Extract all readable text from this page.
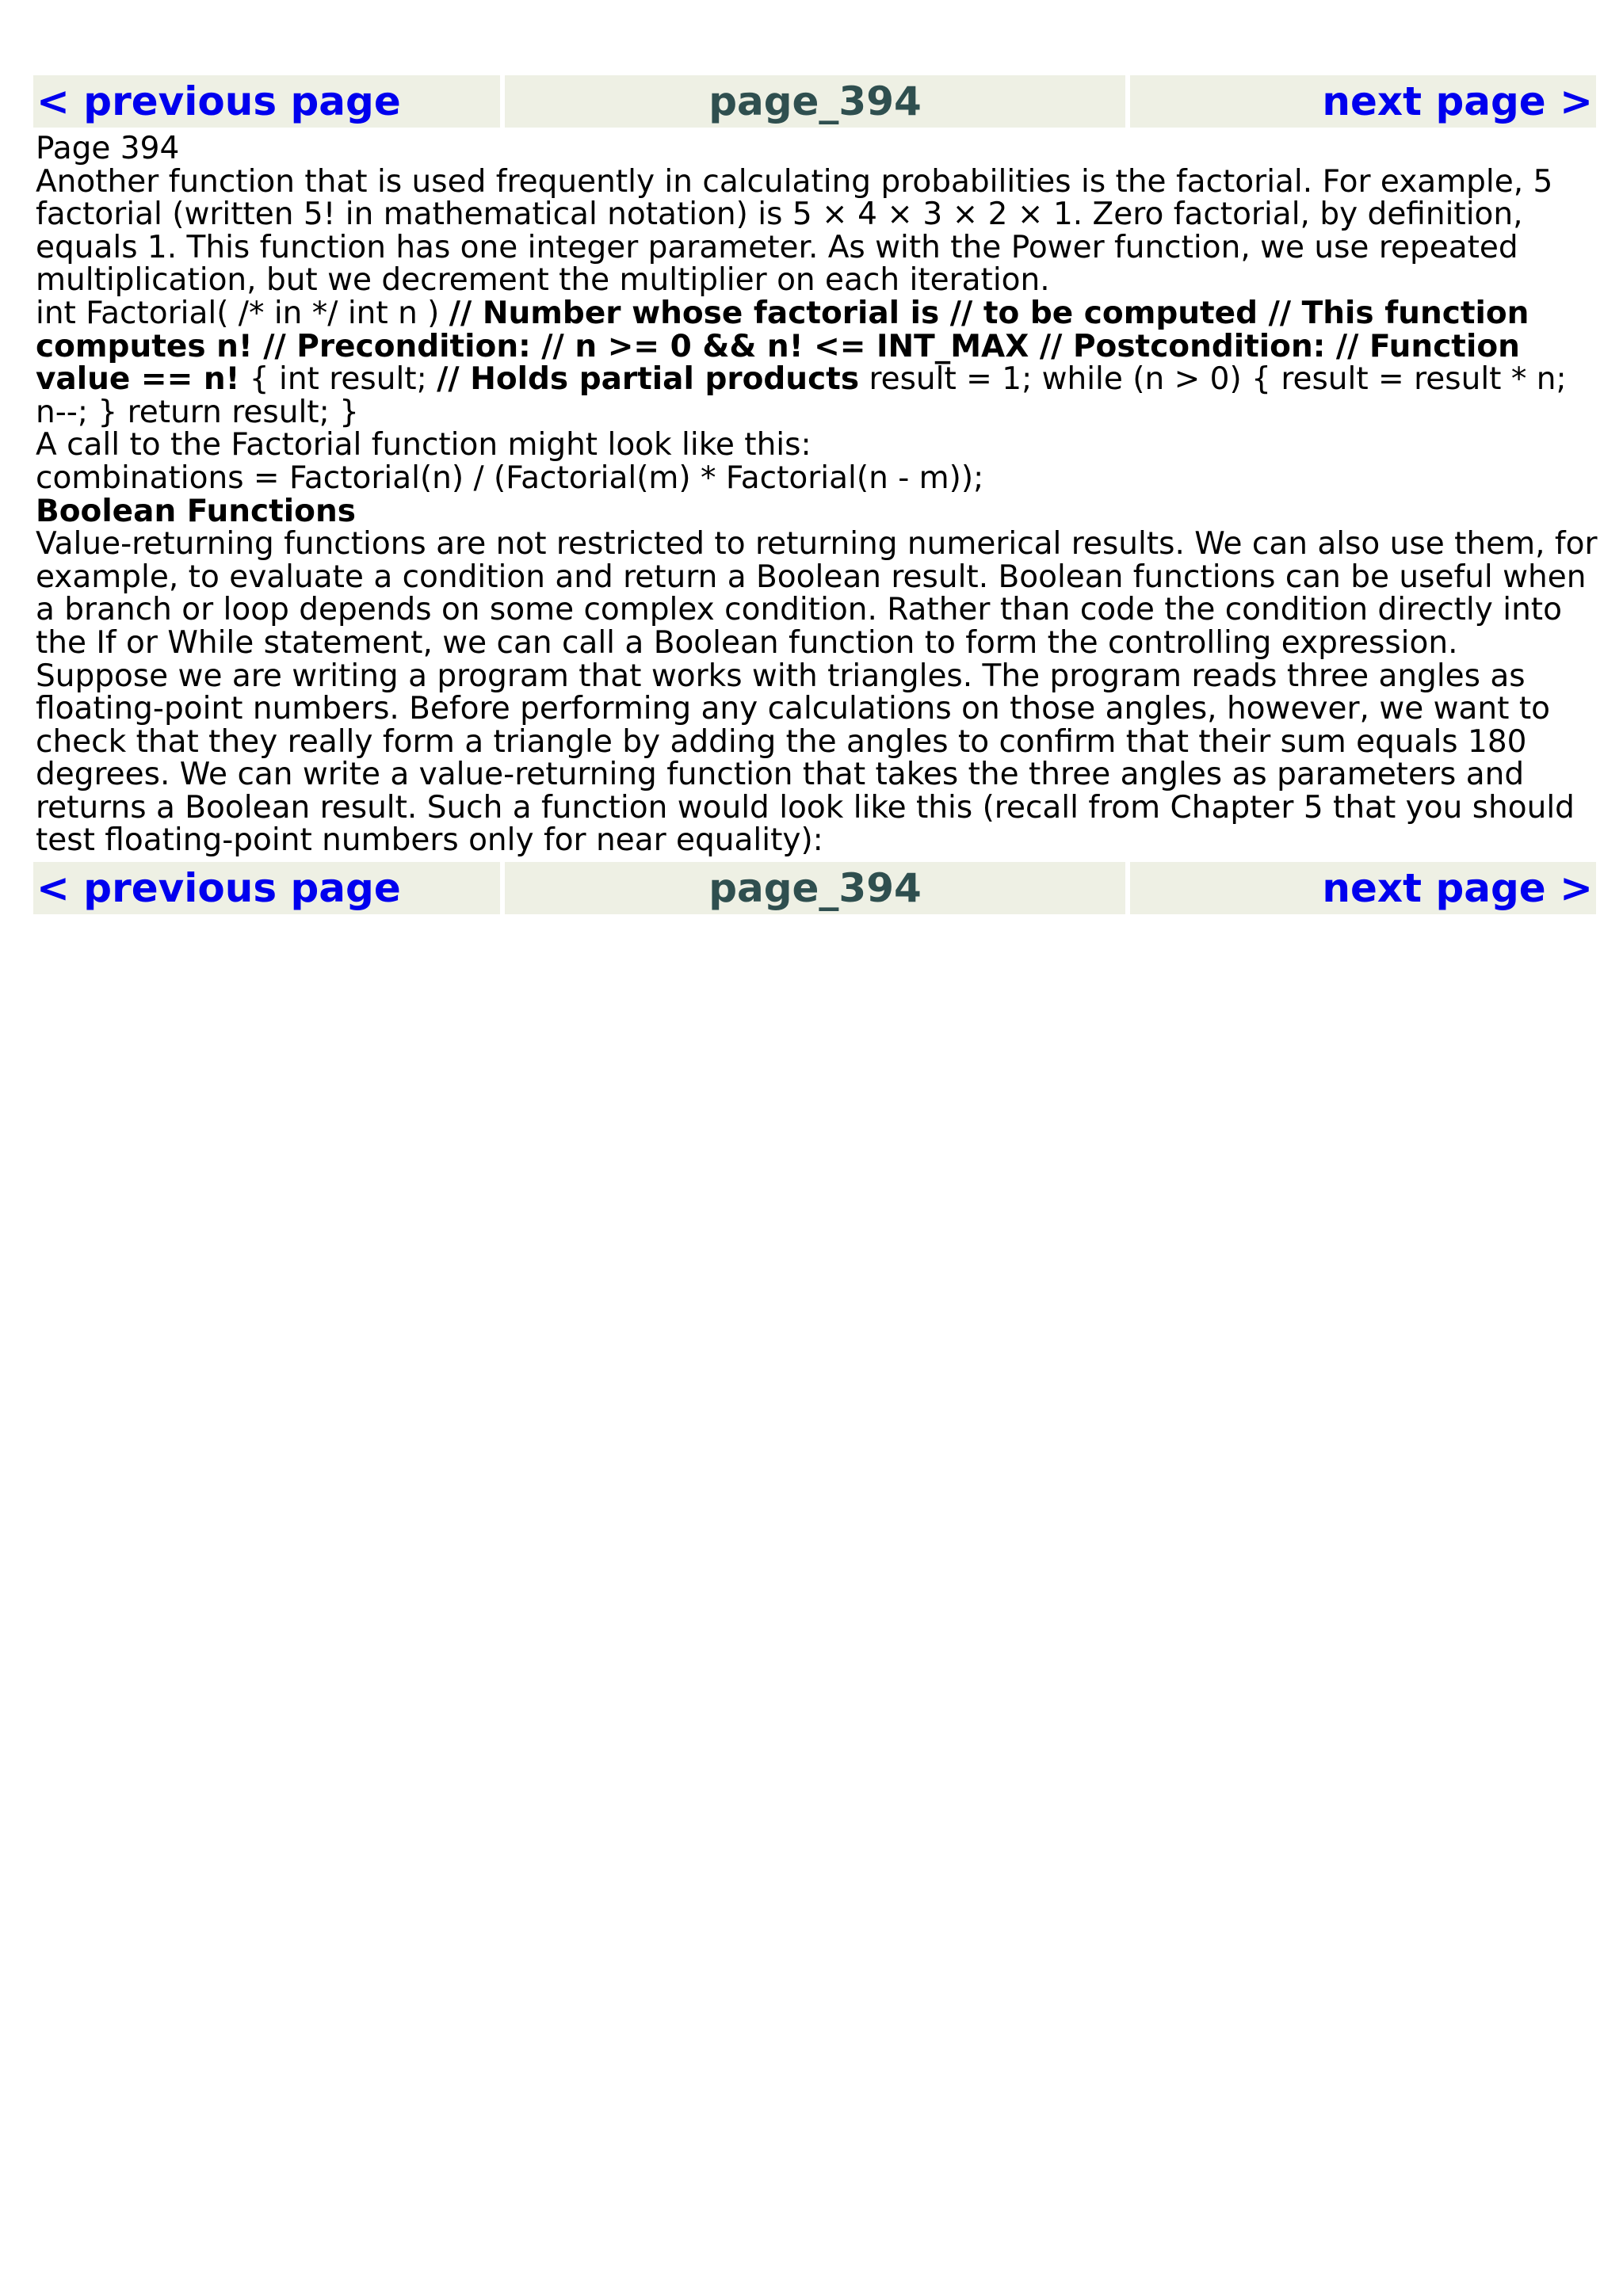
< previous page	page_394	next page >

Page 394

Another function that is used frequently in calculating probabilities is the factorial. For example, 5 factorial (written 5! in mathematical notation) is 5 × 4 × 3 × 2 × 1. Zero factorial, by definition, equals 1. This function has one integer parameter. As with the Power function, we use repeated multiplication, but we decrement the multiplier on each iteration.

int Factorial( /* in */ int n ) // Number whose factorial is // to be computed // This function computes n! // Precondition: // n >= 0 && n! <= INT_MAX // Postcondition: // Function value == n! { int result; // Holds partial products result = 1; while (n > 0) { result = result * n; n--; } return result; }

A call to the Factorial function might look like this:

combinations = Factorial(n) / (Factorial(m) * Factorial(n - m));

Boolean Functions

Value-returning functions are not restricted to returning numerical results. We can also use them, for example, to evaluate a condition and return a Boolean result. Boolean functions can be useful when a branch or loop depends on some complex condition. Rather than code the condition directly into the If or While statement, we can call a Boolean function to form the controlling expression.

Suppose we are writing a program that works with triangles. The program reads three angles as floating-point numbers. Before performing any calculations on those angles, however, we want to check that they really form a triangle by adding the angles to confirm that their sum equals 180 degrees. We can write a value-returning function that takes the three angles as parameters and returns a Boolean result. Such a function would look like this (recall from Chapter 5 that you should test floating-point numbers only for near equality):

< previous page	page_394	next page >
